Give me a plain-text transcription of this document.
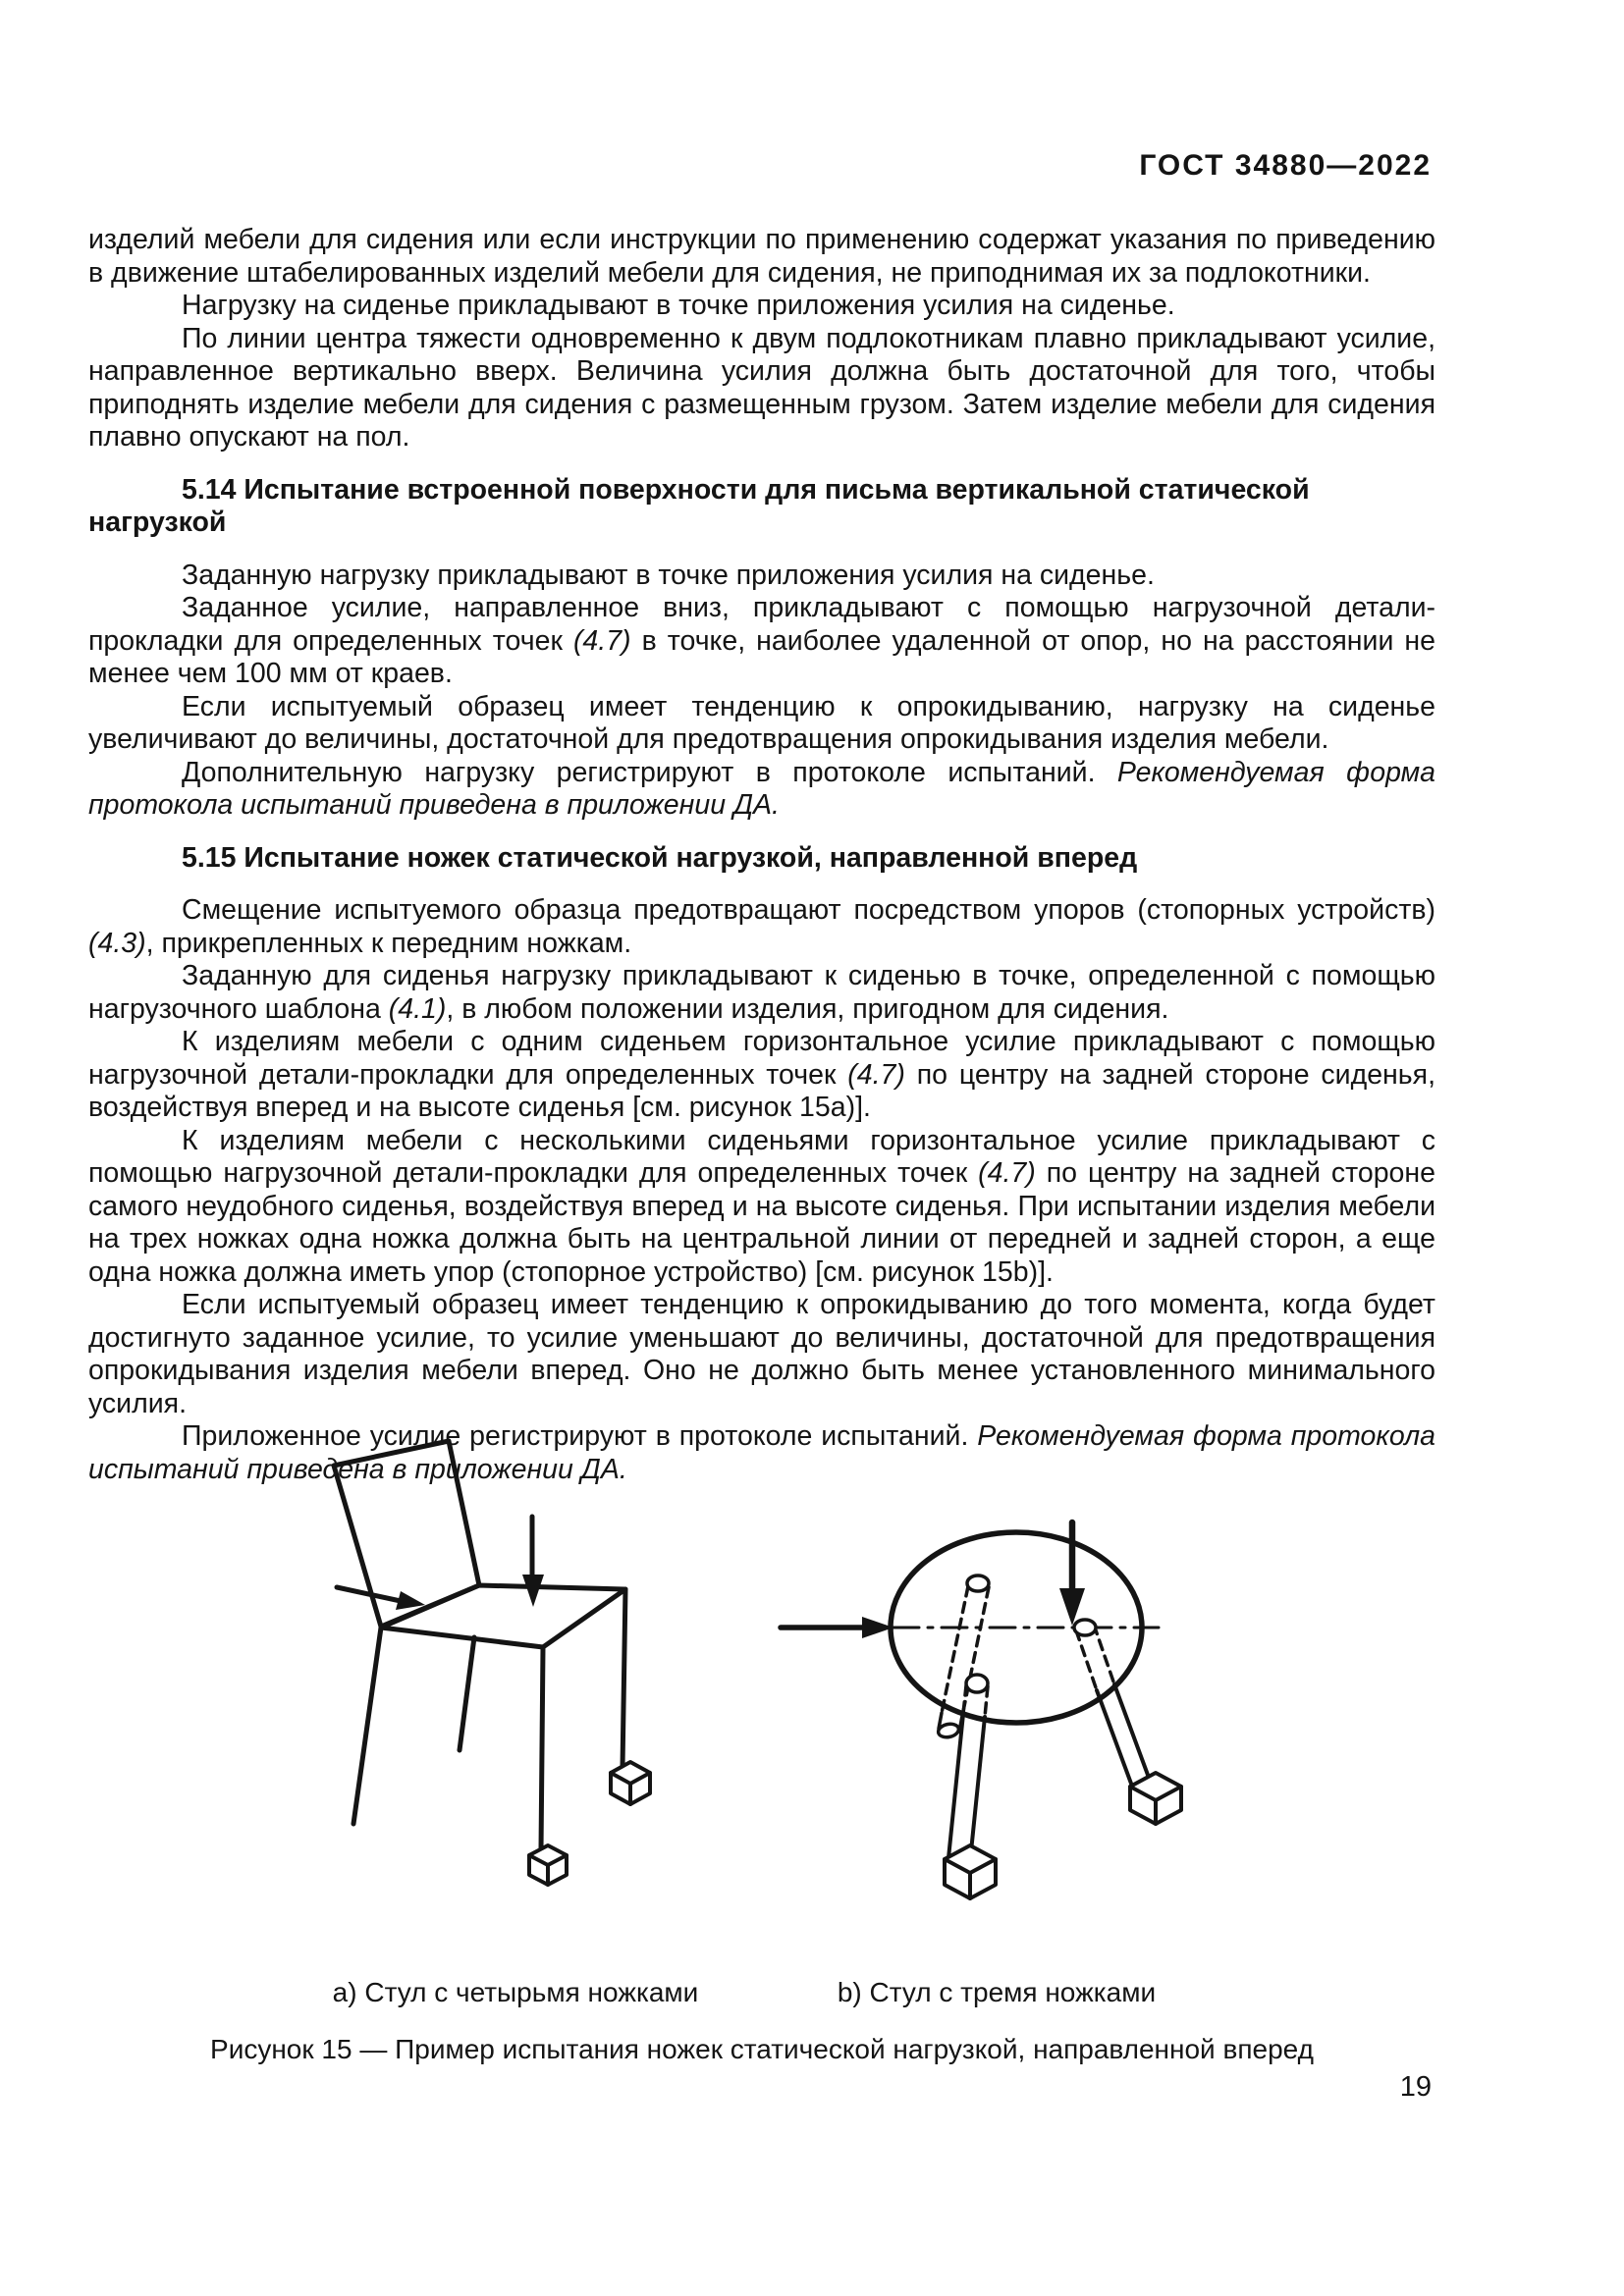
ГОСТ 34880—2022

изделий мебели для сидения или если инструкции по применению содержат указания по приведению в движение штабелированных изделий мебели для сидения, не приподнимая их за подлокотники.

Нагрузку на сиденье прикладывают в точке приложения усилия на сиденье.

По линии центра тяжести одновременно к двум подлокотникам плавно прикладывают усилие, направленное вертикально вверх. Величина усилия должна быть достаточной для того, чтобы приподнять изделие мебели для сидения с размещенным грузом. Затем изделие мебели для сидения плавно опускают на пол.

5.14 Испытание встроенной поверхности для письма вертикальной статической нагрузкой

Заданную нагрузку прикладывают в точке приложения усилия на сиденье.

Заданное усилие, направленное вниз, прикладывают с помощью нагрузочной детали-прокладки для определенных точек (4.7) в точке, наиболее удаленной от опор, но на расстоянии не менее чем 100 мм от краев.

Если испытуемый образец имеет тенденцию к опрокидыванию, нагрузку на сиденье увеличивают до величины, достаточной для предотвращения опрокидывания изделия мебели.

Дополнительную нагрузку регистрируют в протоколе испытаний. Рекомендуемая форма протокола испытаний приведена в приложении ДА.

5.15 Испытание ножек статической нагрузкой, направленной вперед

Смещение испытуемого образца предотвращают посредством упоров (стопорных устройств) (4.3), прикрепленных к передним ножкам.

Заданную для сиденья нагрузку прикладывают к сиденью в точке, определенной с помощью нагрузочного шаблона (4.1), в любом положении изделия, пригодном для сидения.

К изделиям мебели с одним сиденьем горизонтальное усилие прикладывают с помощью нагрузочной детали-прокладки для определенных точек (4.7) по центру на задней стороне сиденья, воздействуя вперед и на высоте сиденья [см. рисунок 15a)].

К изделиям мебели с несколькими сиденьями горизонтальное усилие прикладывают с помощью нагрузочной детали-прокладки для определенных точек (4.7) по центру на задней стороне самого неудобного сиденья, воздействуя вперед и на высоте сиденья. При испытании изделия мебели на трех ножках одна ножка должна быть на центральной линии от передней и задней сторон, а еще одна ножка должна иметь упор (стопорное устройство) [см. рисунок 15b)].

Если испытуемый образец имеет тенденцию к опрокидыванию до того момента, когда будет достигнуто заданное усилие, то усилие уменьшают до величины, достаточной для предотвращения опрокидывания изделия мебели вперед. Оно не должно быть менее установленного минимального усилия.

Приложенное усилие регистрируют в протоколе испытаний. Рекомендуемая форма протокола испытаний приведена в приложении ДА.

a) Стул с четырьмя ножками	b) Стул с тремя ножками
Рисунок 15 — Пример испытания ножек статической нагрузкой, направленной вперед
19
